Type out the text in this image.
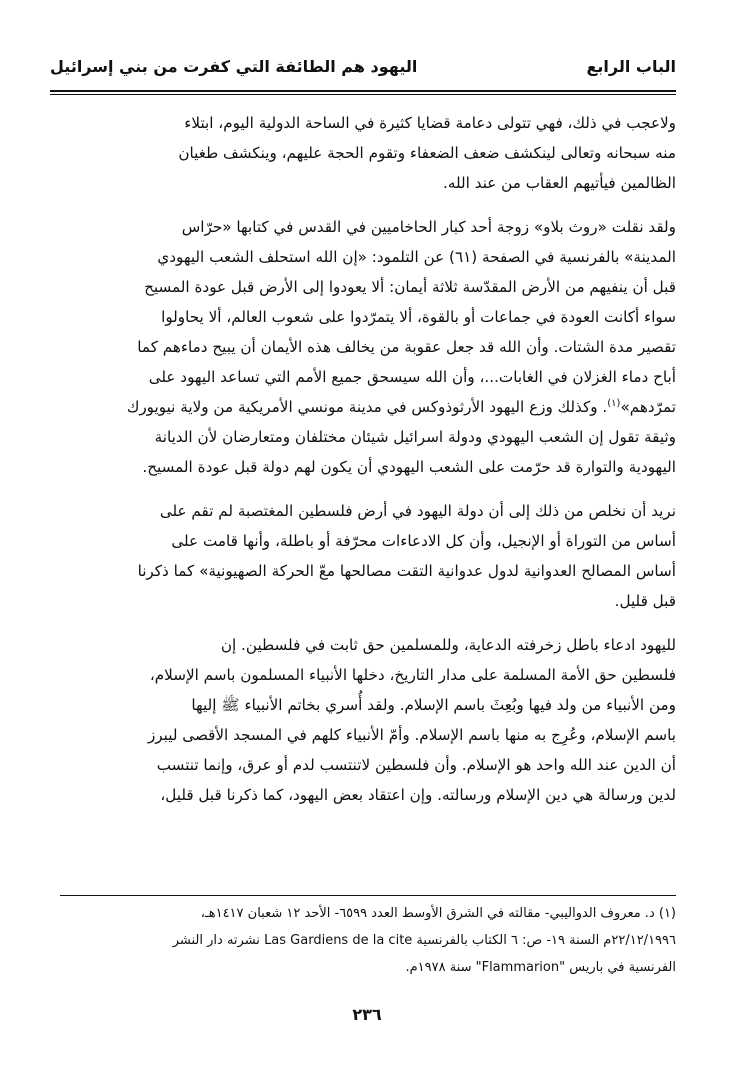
الباب الرابع
اليهود هم الطائفة التي كفرت من بني إسرائيل
ولاعجب في ذلك، فهي تتولى دعامة قضايا كثيرة في الساحة الدولية اليوم، ابتلاء
منه سبحانه وتعالى لينكشف ضعف الضعفاء وتقوم الحجة عليهم، وينكشف طغيان
الظالمين فيأتيهم العقاب من عند الله.
ولقد نقلت «روث بلاو» زوجة أحد كبار الحاخاميين في القدس في كتابها «حرّاس
المدينة» بالفرنسية في الصفحة (٦١) عن التلمود: «إن الله استحلف الشعب اليهودي
قبل أن ينفيهم من الأرض المقدّسة ثلاثة أيمان: ألا يعودوا إلى الأرض قبل عودة المسيح
سواء أكانت العودة في جماعات أو بالقوة، ألا يتمرّدوا على شعوب العالم، ألا يحاولوا
تقصير مدة الشتات. وأن الله قد جعل عقوبة من يخالف هذه الأيمان أن يبيح دماءهم كما
أباح دماء الغزلان في الغابات...، وأن الله سيسحق جميع الأمم التي تساعد اليهود على
تمرّدهم»$^{(١)}$. وكذلك وزع اليهود الأرثوذوكس في مدينة مونسي الأمريكية من ولاية نيويورك
وثيقة تقول إن الشعب اليهودي ودولة اسرائيل شيئان مختلفان ومتعارضان لأن الديانة
اليهودية والتوارة قد حرّمت على الشعب اليهودي أن يكون لهم دولة قبل عودة المسيح.
نريد أن نخلص من ذلك إلى أن دولة اليهود في أرض فلسطين المغتصبة لم تقم على
أساس من التوراة أو الإنجيل، وأن كل الادعاءات محرّفة أو باطلة، وأنها قامت على
أساس المصالح العدوانية لدول عدوانية التقت مصالحها معّ الحركة الصهيونية» كما ذكرنا
قبل قليل.
لليهود ادعاء باطل زخرفته الدعاية، وللمسلمين حق ثابت في فلسطين. إن
فلسطين حق الأمة المسلمة على مدار التاريخ، دخلها الأنبياء المسلمون باسم الإسلام،
ومن الأنبياء من ولد فيها وبُعِثَ باسم الإسلام. ولقد أُسري بخاتم الأنبياء ﷺ إليها
باسم الإسلام، وعُرِج به منها باسم الإسلام. وأمّ الأنبياء كلهم في المسجد الأقصى ليبرز
أن الدين عند الله واحد هو الإسلام. وأن فلسطين لاتنتسب لدم أو عرق، وإنما تنتسب
لدين ورسالة هي دين الإسلام ورسالته. وإن اعتقاد بعض اليهود، كما ذكرنا قبل قليل،
(١) د. معروف الدواليبي- مقالته في الشرق الأوسط العدد ٦٥٩٩- الأحد ١٢ شعبان ١٤١٧هـ،
٢٢/١٢/١٩٩٦م السنة ١٩- ص: ٦ الكتاب بالفرنسية Las Gardiens de la cite نشرته دار النشر
الفرنسية في باريس "Flammarion" سنة ١٩٧٨م.
٢٣٦
